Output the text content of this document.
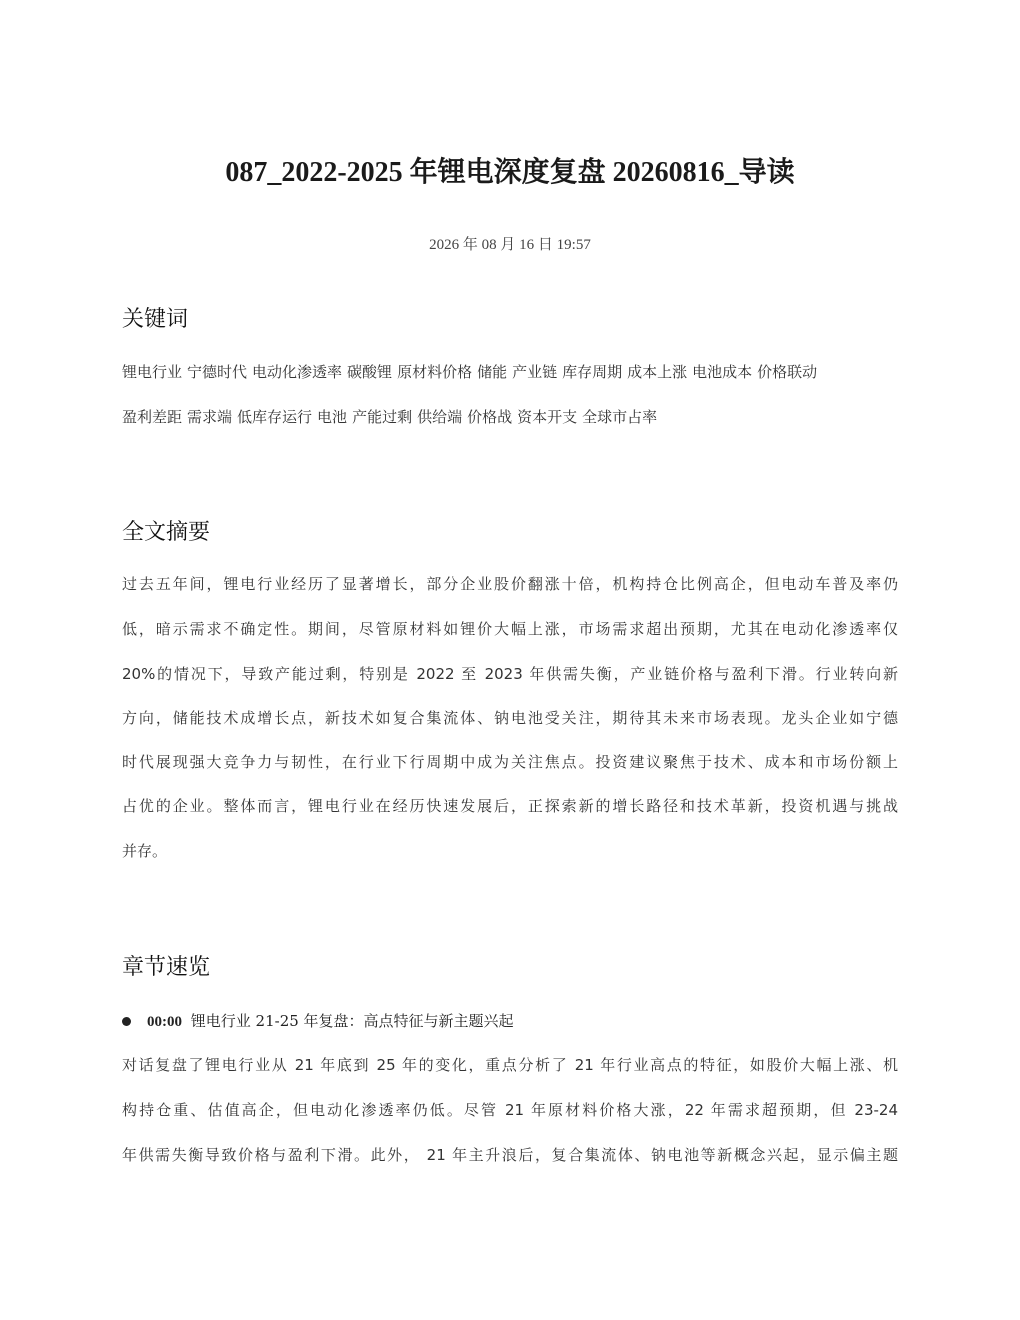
087_2022-2025 年锂电深度复盘 20260816_导读
2026 年 08 月 16 日 19:57
关键词
锂电行业 宁德时代 电动化渗透率 碳酸锂 原材料价格 储能 产业链 库存周期 成本上涨 电池成本 价格联动
盈利差距 需求端 低库存运行 电池 产能过剩 供给端 价格战 资本开支 全球市占率
全文摘要
过去五年间，锂电行业经历了显著增长，部分企业股价翻涨十倍，机构持仓比例高企，但电动车普及率仍
低，暗示需求不确定性。期间，尽管原材料如锂价大幅上涨，市场需求超出预期，尤其在电动化渗透率仅
20%的情况下，导致产能过剩，特别是 2022 至 2023 年供需失衡，产业链价格与盈利下滑。行业转向新
方向，储能技术成增长点，新技术如复合集流体、钠电池受关注，期待其未来市场表现。龙头企业如宁德
时代展现强大竞争力与韧性，在行业下行周期中成为关注焦点。投资建议聚焦于技术、成本和市场份额上
占优的企业。整体而言，锂电行业在经历快速发展后，正探索新的增长路径和技术革新，投资机遇与挑战
并存。
章节速览
00:00 锂电行业 21-25 年复盘：高点特征与新主题兴起
对话复盘了锂电行业从 21 年底到 25 年的变化，重点分析了 21 年行业高点的特征，如股价大幅上涨、机
构持仓重、估值高企，但电动化渗透率仍低。尽管 21 年原材料价格大涨，22 年需求超预期，但 23-24
年供需失衡导致价格与盈利下滑。此外， 21 年主升浪后，复合集流体、钠电池等新概念兴起，显示偏主题
